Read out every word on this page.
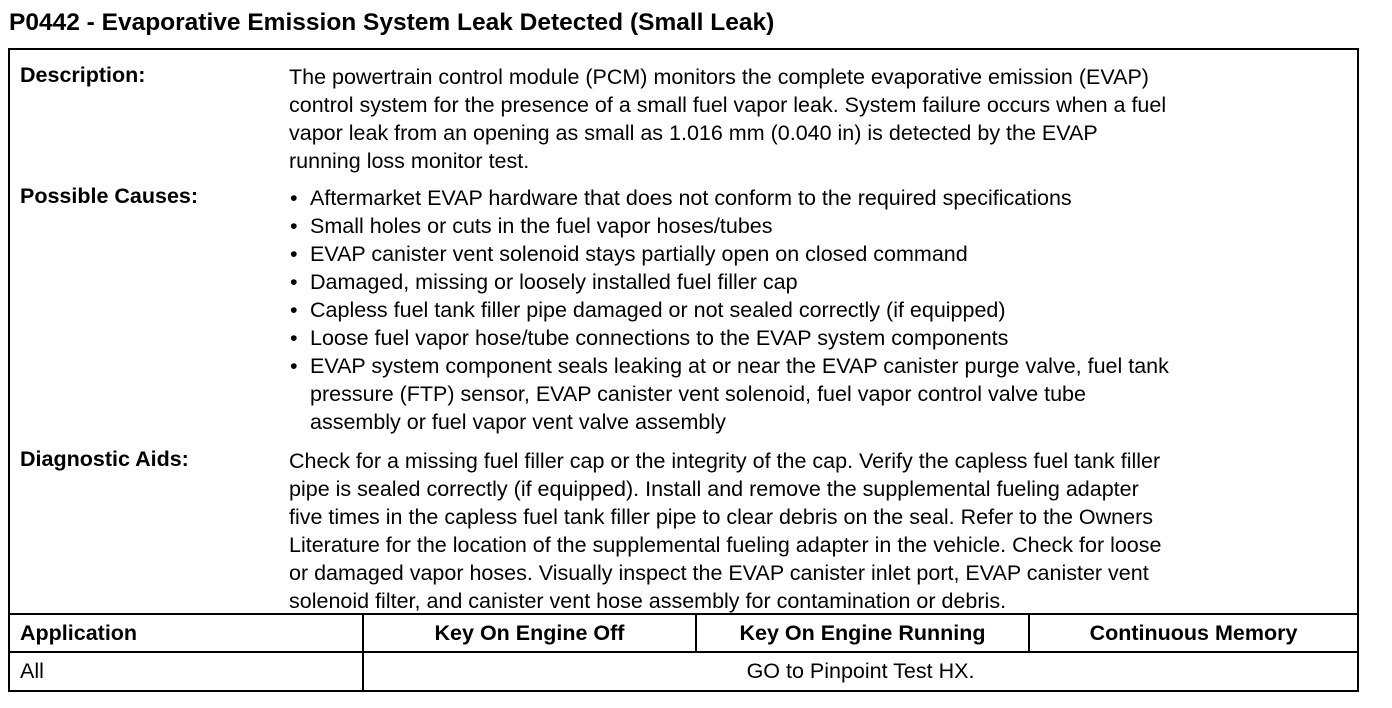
P0442 - Evaporative Emission System Leak Detected (Small Leak)
Description:	The powertrain control module (PCM) monitors the complete evaporative emission (EVAP)

control system for the presence of a small fuel vapor leak. System failure occurs when a fuel

vapor leak from an opening as small as 1.016 mm (0.040 in) is detected by the EVAP

running loss monitor test.

Possible Causes:	• Aftermarket EVAP hardware that does not conform to the required specifications
• Small holes or cuts in the fuel vapor hoses/tubes
• EVAP canister vent solenoid stays partially open on closed command
• Damaged, missing or loosely installed fuel filler cap
• Capless fuel tank filler pipe damaged or not sealed correctly (if equipped)
• Loose fuel vapor hose/tube connections to the EVAP system components
• EVAP system component seals leaking at or near the EVAP canister purge valve, fuel tank
pressure (FTP) sensor, EVAP canister vent solenoid, fuel vapor control valve tube
assembly or fuel vapor vent valve assembly
Diagnostic Aids:	Check for a missing fuel filler cap or the integrity of the cap. Verify the capless fuel tank filler

pipe is sealed correctly (if equipped). Install and remove the supplemental fueling adapter

five times in the capless fuel tank filler pipe to clear debris on the seal. Refer to the Owners

Literature for the location of the supplemental fueling adapter in the vehicle. Check for loose

or damaged vapor hoses. Visually inspect the EVAP canister inlet port, EVAP canister vent

solenoid filter, and canister vent hose assembly for contamination or debris.

Application	Key On Engine Off	Key On Engine Running	Continuous Memory
All	GO to Pinpoint Test HX.
